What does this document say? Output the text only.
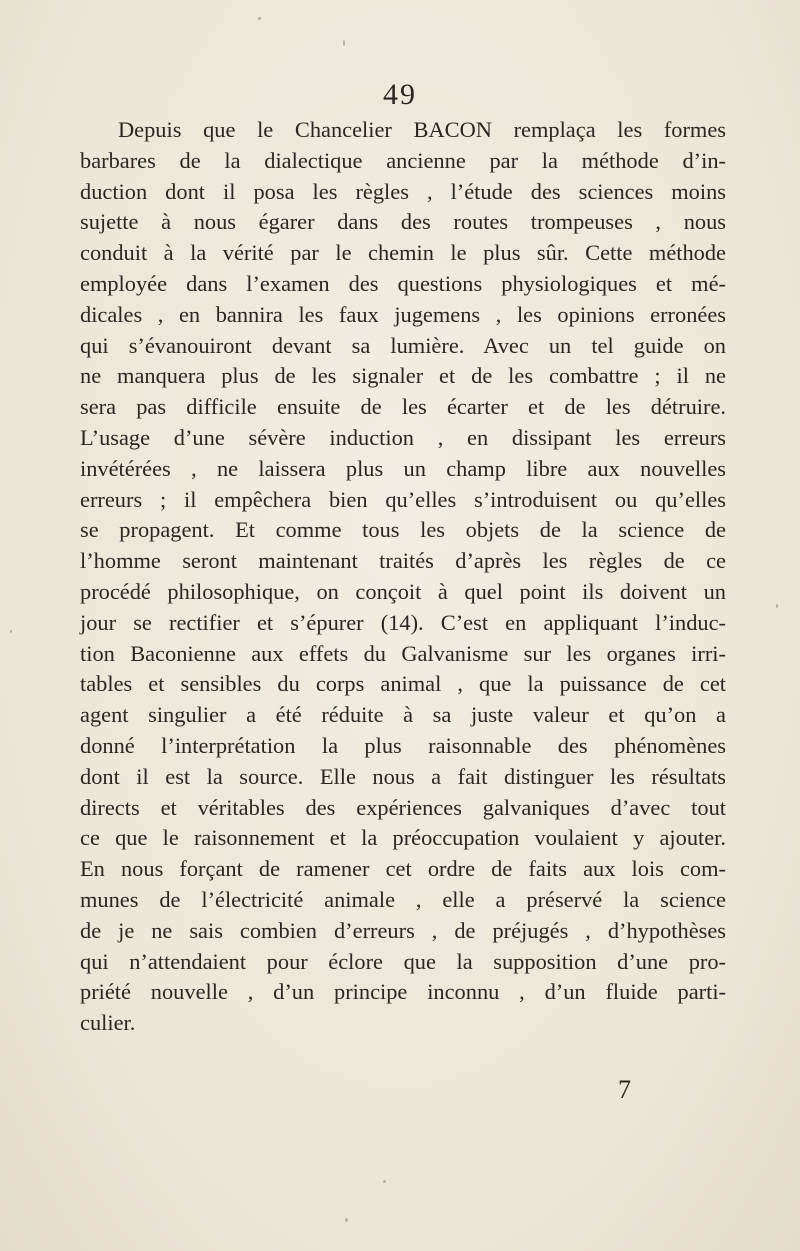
49
Depuis que le Chancelier BACON remplaça les formes
barbares de la dialectique ancienne par la méthode d’in-
duction dont il posa les règles , l’étude des sciences moins
sujette à nous égarer dans des routes trompeuses , nous
conduit à la vérité par le chemin le plus sûr. Cette méthode
employée dans l’examen des questions physiologiques et mé-
dicales , en bannira les faux jugemens , les opinions erronées
qui s’évanouiront devant sa lumière. Avec un tel guide on
ne manquera plus de les signaler et de les combattre ; il ne
sera pas difficile ensuite de les écarter et de les détruire.
L’usage d’une sévère induction , en dissipant les erreurs
invétérées , ne laissera plus un champ libre aux nouvelles
erreurs ; il empêchera bien qu’elles s’introduisent ou qu’elles
se propagent. Et comme tous les objets de la science de
l’homme seront maintenant traités d’après les règles de ce
procédé philosophique, on conçoit à quel point ils doivent un
jour se rectifier et s’épurer (14). C’est en appliquant l’induc-
tion Baconienne aux effets du Galvanisme sur les organes irri-
tables et sensibles du corps animal , que la puissance de cet
agent singulier a été réduite à sa juste valeur et qu’on a
donné l’interprétation la plus raisonnable des phénomènes
dont il est la source. Elle nous a fait distinguer les résultats
directs et véritables des expériences galvaniques d’avec tout
ce que le raisonnement et la préoccupation voulaient y ajouter.
En nous forçant de ramener cet ordre de faits aux lois com-
munes de l’électricité animale , elle a préservé la science
de je ne sais combien d’erreurs , de préjugés , d’hypothèses
qui n’attendaient pour éclore que la supposition d’une pro-
priété nouvelle , d’un principe inconnu , d’un fluide parti-
culier.
7
